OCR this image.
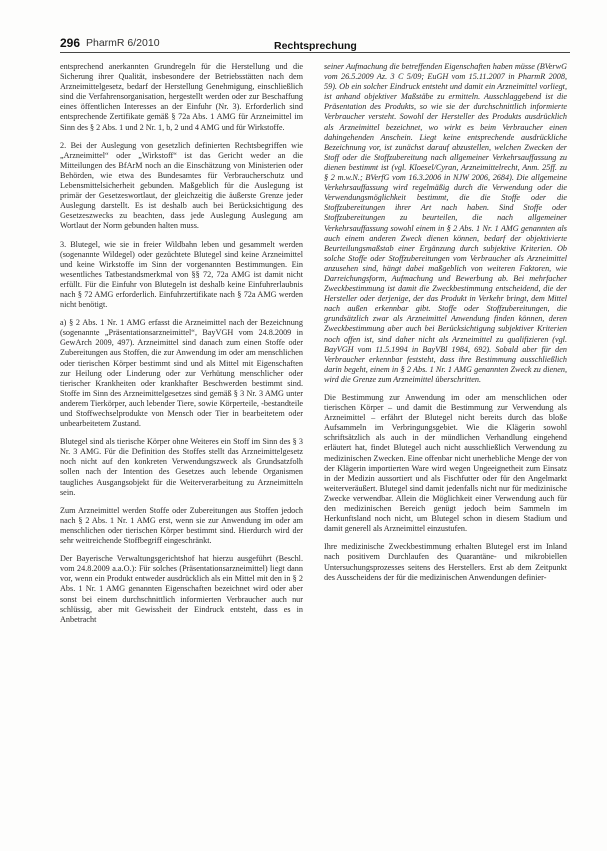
296 PharmR 6/2010	Rechtsprechung

entsprechend anerkannten Grundregeln für die Herstellung und die Sicherung ihrer Qualität, insbesondere der Betriebsstätten nach dem Arzneimittelgesetz, bedarf der Herstellung Genehmigung, einschließlich sind die Verfahrensorganisation, hergestellt werden oder zur Beschaffung eines öffentlichen Interesses an der Einfuhr (Nr. 3). Erforderlich sind entsprechende Zertifikate gemäß § 72a Abs. 1 AMG für Arzneimittel im Sinn des § 2 Abs. 1 und 2 Nr. 1, b, 2 und 4 AMG und für Wirkstoffe.

2. Bei der Auslegung von gesetzlich definierten Rechtsbegriffen wie „Arzneimittel“ oder „Wirkstoff“ ist das Gericht weder an die Mitteilungen des BfArM noch an die Einschätzung von Ministerien oder Behörden, wie etwa des Bundesamtes für Verbraucherschutz und Lebensmittelsicherheit gebunden. Maßgeblich für die Auslegung ist primär der Gesetzeswortlaut, der gleichzeitig die äußerste Grenze jeder Auslegung darstellt. Es ist deshalb auch bei Berücksichtigung des Gesetzeszwecks zu beachten, dass jede Auslegung Auslegung am Wortlaut der Norm gebunden halten muss.

3. Blutegel, wie sie in freier Wildbahn leben und gesammelt werden (sogenannte Wildegel) oder gezüchtete Blutegel sind keine Arzneimittel und keine Wirkstoffe im Sinn der vorgenannten Bestimmungen. Ein wesentliches Tatbestandsmerkmal von §§ 72, 72a AMG ist damit nicht erfüllt. Für die Einfuhr von Blutegeln ist deshalb keine Einfuhrerlaubnis nach § 72 AMG erforderlich. Einfuhrzertifikate nach § 72a AMG werden nicht benötigt.

a) § 2 Abs. 1 Nr. 1 AMG erfasst die Arzneimittel nach der Bezeichnung (sogenannte „Präsentationsarzneimittel“, BayVGH vom 24.8.2009 in GewArch 2009, 497). Arzneimittel sind danach zum einen Stoffe oder Zubereitungen aus Stoffen, die zur Anwendung im oder am menschlichen oder tierischen Körper bestimmt sind und als Mittel mit Eigenschaften zur Heilung oder Linderung oder zur Verhütung menschlicher oder tierischer Krankheiten oder krankhafter Beschwerden bestimmt sind. Stoffe im Sinn des Arzneimittelgesetzes sind gemäß § 3 Nr. 3 AMG unter anderem Tierkörper, auch lebender Tiere, sowie Körperteile, -bestandteile und Stoffwechselprodukte von Mensch oder Tier in bearbeitetem oder unbearbeitetem Zustand.

Blutegel sind als tierische Körper ohne Weiteres ein Stoff im Sinn des § 3 Nr. 3 AMG. Für die Definition des Stoffes stellt das Arzneimittelgesetz noch nicht auf den konkreten Verwendungszweck als Grundsatzfolh sollen nach der Intention des Gesetzes auch lebende Organismen taugliches Ausgangsobjekt für die Weiterverarbeitung zu Arzneimitteln sein.

Zum Arzneimittel werden Stoffe oder Zubereitungen aus Stoffen jedoch nach § 2 Abs. 1 Nr. 1 AMG erst, wenn sie zur Anwendung im oder am menschlichen oder tierischen Körper bestimmt sind. Hierdurch wird der sehr weitreichende Stoffbegriff eingeschränkt.

Der Bayerische Verwaltungsgerichtshof hat hierzu ausgeführt (Beschl. vom 24.8.2009 a.a.O.): Für solches (Präsentationsarzneimittel) liegt dann vor, wenn ein Produkt entweder ausdrücklich als ein Mittel mit den in § 2 Abs. 1 Nr. 1 AMG genannten Eigenschaften bezeichnet wird oder aber sonst bei einem durchschnittlich informierten Verbraucher auch nur schlüssig, aber mit Gewissheit der Eindruck entsteht, dass es in Anbetracht

seiner Aufmachung die betreffenden Eigenschaften haben müsse (BVerwG vom 26.5.2009 Az. 3 C 5/09; EuGH vom 15.11.2007 in PharmR 2008, 59). Ob ein solcher Eindruck entsteht und damit ein Arzneimittel vorliegt, ist anhand objektiver Maßstäbe zu ermitteln. Ausschlaggebend ist die Präsentation des Produkts, so wie sie der durchschnittlich informierte Verbraucher versteht. Sowohl der Hersteller des Produkts ausdrücklich als Arzneimittel bezeichnet, wo wirkt es beim Verbraucher einen dahingehenden Anschein. Liegt keine entsprechende ausdrückliche Bezeichnung vor, ist zunächst darauf abzustellen, welchen Zwecken der Stoff oder die Stoffzubereitung nach allgemeiner Verkehrsauffassung zu dienen bestimmt ist (vgl. Kloesel/Cyran, Arzneimittelrecht, Anm. 25ff. zu § 2 m.w.N.; BVerfG vom 16.3.2006 in NJW 2006, 2684). Die allgemeine Verkehrsauffassung wird regelmäßig durch die Verwendung oder die Verwendungsmöglichkeit bestimmt, die die Stoffe oder die Stoffzubereitungen ihrer Art nach haben. Sind Stoffe oder Stoffzubereitungen zu beurteilen, die nach allgemeiner Verkehrsauffassung sowohl einem in § 2 Abs. 1 Nr. 1 AMG genannten als auch einem anderen Zweck dienen können, bedarf der objektivierte Beurteilungsmaßstab einer Ergänzung durch subjektive Kriterien. Ob solche Stoffe oder Stoffzubereitungen vom Verbraucher als Arzneimittel anzusehen sind, hängt dabei maßgeblich von weiteren Faktoren, wie Darreichungsform, Aufmachung und Bewerbung ab. Bei mehrfacher Zweckbestimmung ist damit die Zweckbestimmung entscheidend, die der Hersteller oder derjenige, der das Produkt in Verkehr bringt, dem Mittel nach außen erkennbar gibt. Stoffe oder Stoffzubereitungen, die grundsätzlich zwar als Arzneimittel Anwendung finden können, deren Zweckbestimmung aber auch bei Berücksichtigung subjektiver Kriterien noch offen ist, sind daher nicht als Arzneimittel zu qualifizieren (vgl. BayVGH vom 11.5.1994 in BayVBl 1984, 692). Sobald aber für den Verbraucher erkennbar feststeht, dass ihre Bestimmung ausschließlich darin begeht, einem in § 2 Abs. 1 Nr. 1 AMG genannten Zweck zu dienen, wird die Grenze zum Arzneimittel überschritten.

Die Bestimmung zur Anwendung im oder am menschlichen oder tierischen Körper – und damit die Bestimmung zur Verwendung als Arzneimittel – erfährt der Blutegel nicht bereits durch das bloße Aufsammeln im Verbringungsgebiet. Wie die Klägerin sowohl schriftsätzlich als auch in der mündlichen Verhandlung eingehend erläutert hat, findet Blutegel auch nicht ausschließlich Verwendung zu medizinischen Zwecken. Eine offenbar nicht unerhebliche Menge der von der Klägerin importierten Ware wird wegen Ungeeignetheit zum Einsatz in der Medizin aussortiert und als Fischfutter oder für den Angelmarkt weiterveräußert. Blutegel sind damit jedenfalls nicht nur für medizinische Zwecke verwendbar. Allein die Möglichkeit einer Verwendung auch für den medizinischen Bereich genügt jedoch beim Sammeln im Herkunftsland noch nicht, um Blutegel schon in diesem Stadium und damit generell als Arzneimittel einzustufen.

Ihre medizinische Zweckbestimmung erhalten Blutegel erst im Inland nach positivem Durchlaufen des Quarantäne- und mikrobiellen Untersuchungsprozesses seitens des Herstellers. Erst ab dem Zeitpunkt des Ausscheidens der für die medizinischen Anwendungen definier-
